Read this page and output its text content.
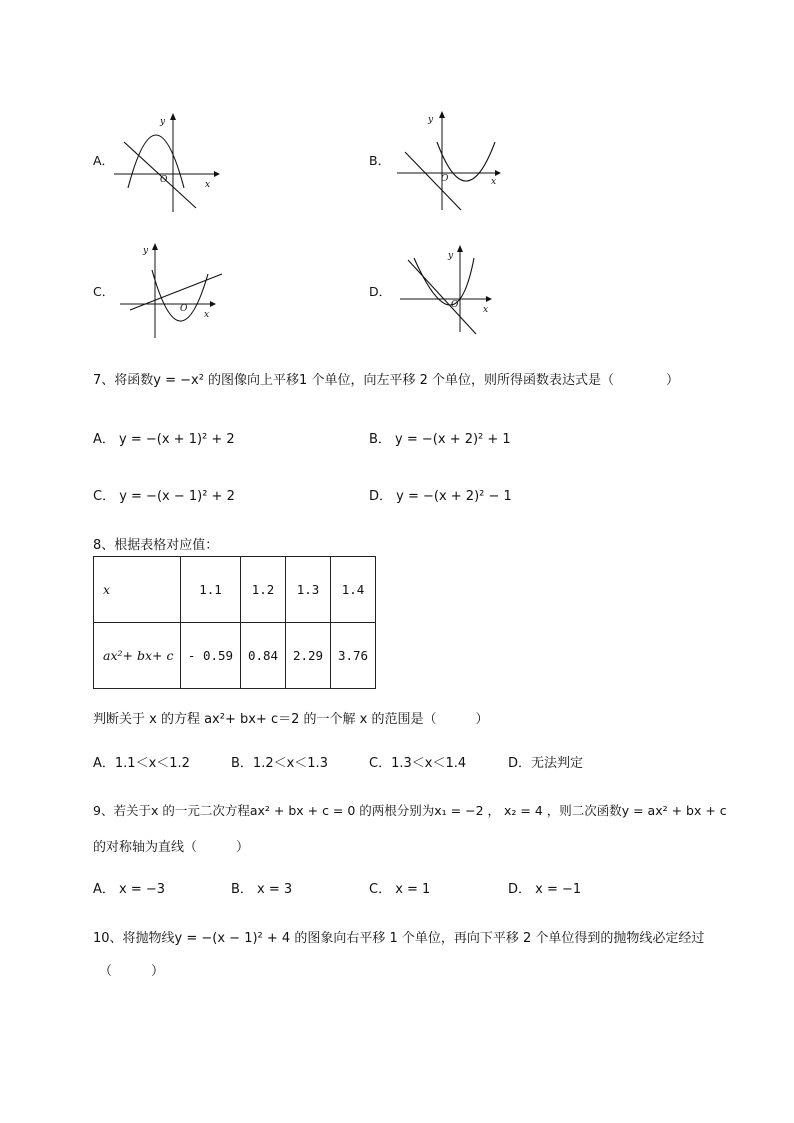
A．
y
x
O
B．
y
x
O
C．
y
x
O
D．
y
x
O
7、将函数y = −x² 的图像向上平移1 个单位，向左平移 2 个单位，则所得函数表达式是（　　　　）
A． y = −(x + 1)² + 2	B． y = −(x + 2)² + 1
C． y = −(x − 1)² + 2	D． y = −(x + 2)² − 1
8、根据表格对应值：
x	1.1	1.2	1.3	1.4
ax²+ bx+ c	- 0.59	0.84	2.29	3.76
判断关于 x 的方程 ax²+ bx+ c＝2 的一个解 x 的范围是（　　　）
A．1.1＜x＜1.2	B．1.2＜x＜1.3	C．1.3＜x＜1.4	D．无法判定
9、若关于x 的一元二次方程ax² + bx + c = 0 的两根分别为x₁ = −2 ， x₂ = 4 ，则二次函数y = ax² + bx + c
的对称轴为直线（　　　）
A． x = −3	B． x = 3	C． x = 1	D． x = −1
10、将抛物线y = −(x − 1)² + 4 的图象向右平移 1 个单位，再向下平移 2 个单位得到的抛物线必定经过
（　　　）
